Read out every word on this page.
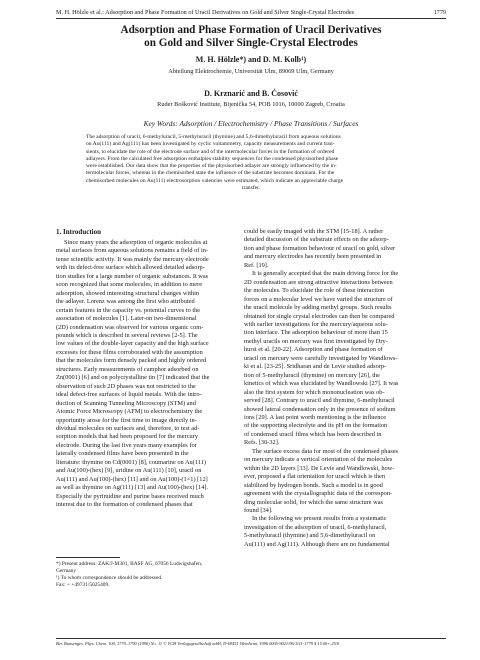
M. H. Hölzle et al.: Adsorption and Phase Formation of Uracil Derivatives on Gold and Silver Single-Crystal Electrodes	1779
Adsorption and Phase Formation of Uracil Derivatives
on Gold and Silver Single-Crystal Electrodes
M. H. Hölzle*) and D. M. Kolb¹)
Abteilung Elektrochemie, Universität Ulm, 89069 Ulm, Germany
D. Krznarić and B. Ćosović
Ruder Bošković Institute, Bijenička 54, POB 1016, 10000 Zagreb, Croatia
Key Words: Adsorption / Electrochemistry / Phase Transitions / Surfaces
The adsorption of uracil, 6-methyluracil, 5-methyluracil (thymine) and 5,6-dimethyluracil from aqueous solutions
on Au(111) and Ag(111) has been investigated by cyclic voltammetry, capacity measurements and current tran-
sients, to elucidate the role of the electrode surface and of the intermolecular forces in the formation of ordered
adlayers. From the calculated free adsorption enthalpies stability sequences for the condensed physisorbed phase
were established. Our data show that the properties of the physisorbed adlayer are strongly influenced by the in-
termolecular forces, whereas in the chemisorbed state the influence of the substrate becomes dominant. For the
chemisorbed molecules on Au(111) electrosorption valencies were estimated, which indicate an appreciable charge
transfer.
1. Introduction
Since many years the adsorption of organic molecules at
metal surfaces from aqueous solutions remains a field of in-
tense scientific activity. It was mainly the mercury electrode
with its defect-free surface which allowed detailed adsorp-
tion studies for a large number of organic substances. It was
soon recognized that some molecules, in addition to mere
adsorption, showed interesting structural changes within
the adlayer. Lorenz was among the first who attributed
certain features in the capacity vs. potential curves to the
association of molecules [1]. Later-on two-dimensional
(2D) condensation was observed for various organic com-
pounds which is described in several reviews [2-5]. The
low values of the double-layer capacity and the high surface
excesses for these films corroborated with the assumption
that the molecules form densely packed and highly ordered
structures. Early measurements of camphor adsorbed on
Zn(0001) [6] and on polycrystalline tin [7] indicated that the
observation of such 2D phases was not restricted to the
ideal defect-free surfaces of liquid metals. With the intro-
duction of Scanning Tunneling Microscopy (STM) and
Atomic Force Microscopy (AFM) to electrochemistry the
opportunity arose for the first time to image directly in-
dividual molecules on surfaces and, therefore, to test ad-
sorption models that had been proposed for the mercury
electrode. During the last five years many examples for
laterally condensed films have been presented in the
literature: thymine on Cd(0001) [8], coumarine on Au(111)
and Au(100)-(hex) [9], uridine on Au(111) [10], uracil on
Au(111) and Au(100)-(hex) [11] and on Au(100)-(1×1) [12]
as well as thymine on Ag(111) [13] and Au(100)-(hex) [14].
Especially the pyrimidine and purine bases received much
interest due to the formation of condensed phases that
could be easily imaged with the STM [15-18]. A rather
detailed discussion of the substrate effects on the adsorp-
tion and phase formation behaviour of uracil on gold, silver
and mercury electrodes has recently been presented in
Ref. [19].
It is generally accepted that the main driving force for the
2D condensation are strong attractive interactions between
the molecules. To elucidate the role of these interaction
forces on a molecular level we have varied the structure of
the uracil molecule by adding methyl groups. Such results
obtained for single crystal electrodes can then be compared
with earlier investigations for the mercury/aqueous solu-
tion interface. The adsorption behaviour of more than 15
methyl uracils on mercury was first investigated by Dry-
hurst et al. [20-22]. Adsorption and phase formation of
uracil on mercury were carefully investigated by Wandlows-
ki et al. [23-25]. Sridharan and de Levie studied adsorp-
tion of 5-methyluracil (thymine) on mercury [26], the
kinetics of which was elucidated by Wandlowski [27]. It was
also the first system for which mononucleation was ob-
served [28]. Contrary to uracil and thymine, 6-methyluracil
showed lateral condensation only in the presence of sodium
ions [29]. A last point worth mentioning is the influence
of the supporting electrolyte and its pH on the formation
of condensed uracil films which has been described in
Refs. [30-32].
The surface excess data for most of the condensed phases
on mercury indicate a vertical orientation of the molecules
within the 2D layers [33]. De Levie and Wandlowski, how-
ever, proposed a flat orientation for uracil which is then
stabilized by hydrogen bonds. Such a model is in good
agreement with the crystallographic data of the correspon-
ding molecular solid, for which the same structure was
found [34].
In the following we present results from a systematic
investigation of the adsorption of uracil, 6-methyluracil,
5-methyluracil (thymine) and 5,6-dimethyluracil on
Au(111) and Ag(111). Although there are no fundamental
*) Present address: ZAK/J-M301, BASF AG, 67056 Ludwigshafen,
Germany
¹) To whom correspondence should be addressed.
Fax: + +49731/5025409.
Ber. Bunsenges. Phys. Chem. 100, 1779–1790 (1996) No. 11 © VCH Verlagsgesellschaft mbH, D-69451 Weinheim, 1996 0005-9021/96/1111-1779 $ 15.00+.25/0
